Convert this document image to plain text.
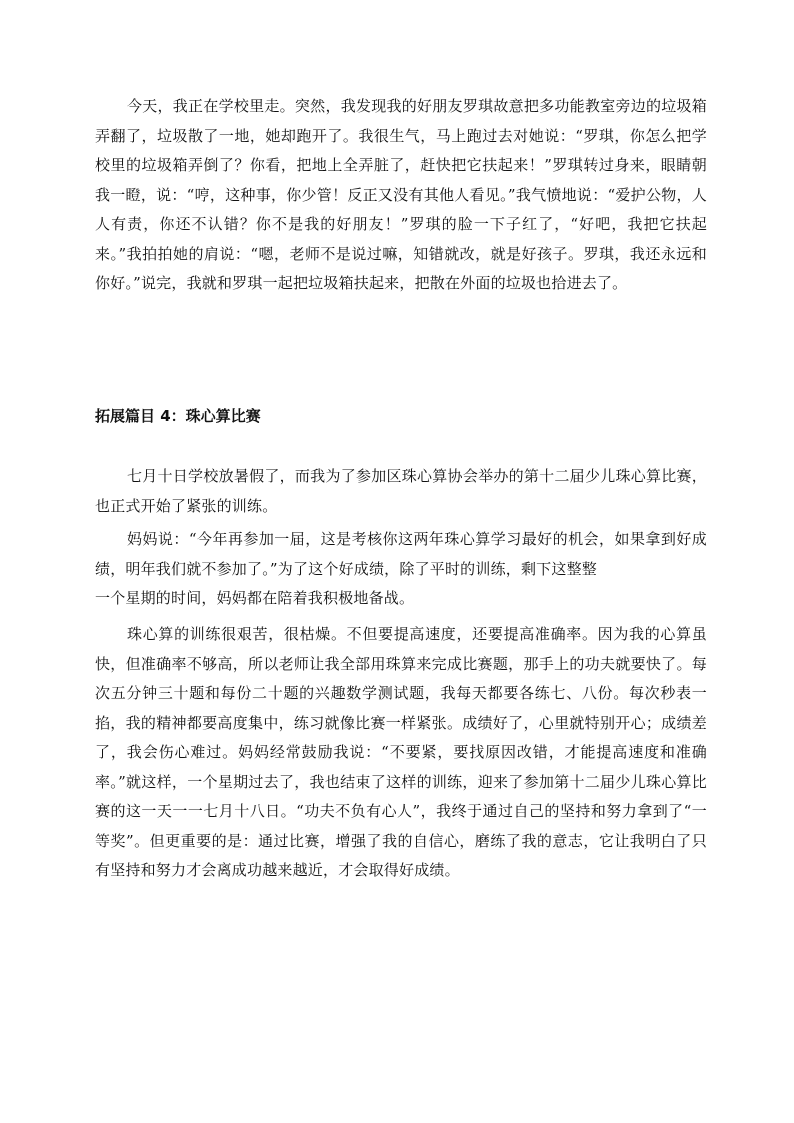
今天，我正在学校里走。突然，我发现我的好朋友罗琪故意把多功能教室旁边的垃圾箱弄翻了，垃圾散了一地，她却跑开了。我很生气，马上跑过去对她说：“罗琪，你怎么把学校里的垃圾箱弄倒了？你看，把地上全弄脏了，赶快把它扶起来！”罗琪转过身来，眼睛朝我一瞪，说：“哼，这种事，你少管！反正又没有其他人看见。”我气愤地说：“爱护公物，人人有责，你还不认错？你不是我的好朋友！”罗琪的脸一下子红了，“好吧，我把它扶起来。”我拍拍她的肩说：“嗯，老师不是说过嘛，知错就改，就是好孩子。罗琪，我还永远和你好。”说完，我就和罗琪一起把垃圾箱扶起来，把散在外面的垃圾也拾进去了。

拓展篇目 4：珠心算比赛

七月十日学校放暑假了，而我为了参加区珠心算协会举办的第十二届少儿珠心算比赛，也正式开始了紧张的训练。

妈妈说：“今年再参加一届，这是考核你这两年珠心算学习最好的机会，如果拿到好成绩，明年我们就不参加了。”为了这个好成绩，除了平时的训练，剩下这整整

一个星期的时间，妈妈都在陪着我积极地备战。

珠心算的训练很艰苦，很枯燥。不但要提高速度，还要提高准确率。因为我的心算虽快，但准确率不够高，所以老师让我全部用珠算来完成比赛题，那手上的功夫就要快了。每次五分钟三十题和每份二十题的兴趣数学测试题，我每天都要各练七、八份。每次秒表一掐，我的精神都要高度集中，练习就像比赛一样紧张。成绩好了，心里就特别开心；成绩差了，我会伤心难过。妈妈经常鼓励我说：“不要紧，要找原因改错，才能提高速度和准确率。”就这样，一个星期过去了，我也结束了这样的训练，迎来了参加第十二届少儿珠心算比赛的这一天一一七月十八日。“功夫不负有心人”，我终于通过自己的坚持和努力拿到了“一等奖”。但更重要的是：通过比赛，增强了我的自信心，磨练了我的意志，它让我明白了只有坚持和努力才会离成功越来越近，才会取得好成绩。
